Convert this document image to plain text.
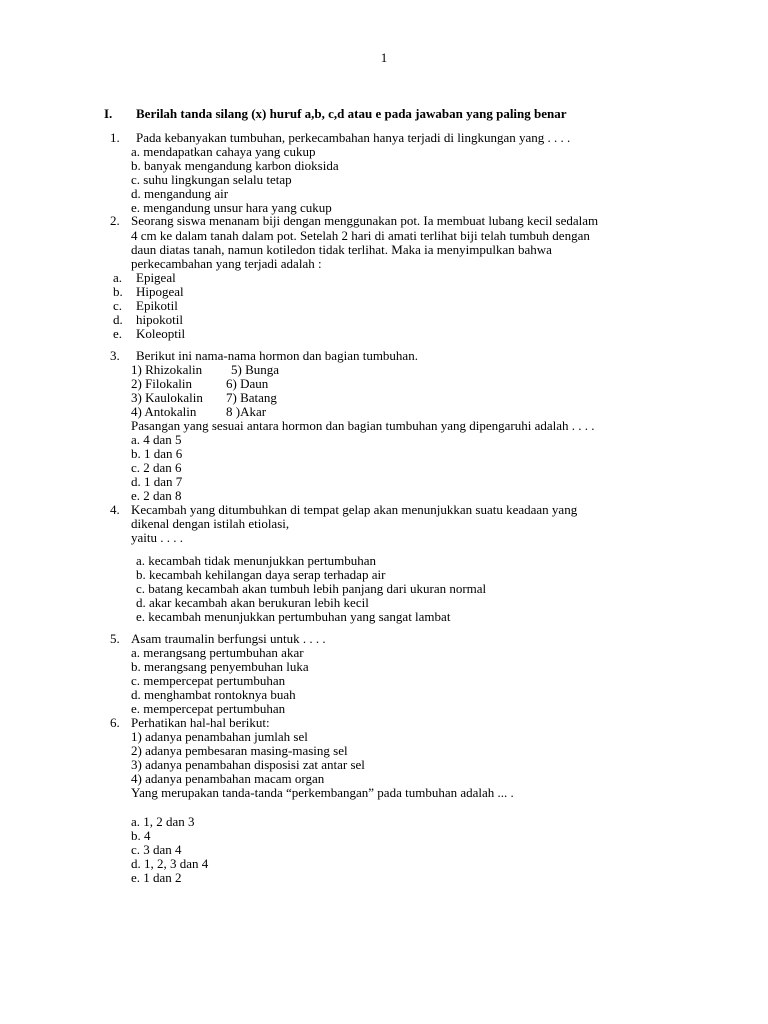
1
I. Berilah tanda silang (x) huruf a,b, c,d atau e pada jawaban yang paling benar
1. Pada kebanyakan tumbuhan, perkecambahan hanya terjadi di lingkungan yang . . . .
a. mendapatkan cahaya yang cukup
b. banyak mengandung karbon dioksida
c. suhu lingkungan selalu tetap
d. mengandung air
e. mengandung unsur hara yang cukup
2. Seorang siswa menanam biji dengan menggunakan pot. Ia membuat lubang kecil sedalam
4 cm ke dalam tanah dalam pot. Setelah 2 hari di amati terlihat biji telah tumbuh dengan
daun diatas tanah, namun kotiledon tidak terlihat. Maka ia menyimpulkan bahwa
perkecambahan yang terjadi adalah :
a. Epigeal
b. Hipogeal
c. Epikotil
d. hipokotil
e. Koleoptil
3. Berikut ini nama-nama hormon dan bagian tumbuhan.
1) Rhizokalin 5) Bunga
2) Filokalin	6) Daun
3) Kaulokalin 7) Batang
4) Antokalin 8 )Akar
Pasangan yang sesuai antara hormon dan bagian tumbuhan yang dipengaruhi adalah . . . .
a. 4 dan 5
b. 1 dan 6
c. 2 dan 6
d. 1 dan 7
e. 2 dan 8
4. Kecambah yang ditumbuhkan di tempat gelap akan menunjukkan suatu keadaan yang
dikenal dengan istilah etiolasi,
yaitu . . . .
a. kecambah tidak menunjukkan pertumbuhan
b. kecambah kehilangan daya serap terhadap air
c. batang kecambah akan tumbuh lebih panjang dari ukuran normal
d. akar kecambah akan berukuran lebih kecil
e. kecambah menunjukkan pertumbuhan yang sangat lambat
5. Asam traumalin berfungsi untuk . . . .
a. merangsang pertumbuhan akar
b. merangsang penyembuhan luka
c. mempercepat pertumbuhan
d. menghambat rontoknya buah
e. mempercepat pertumbuhan
6. Perhatikan hal-hal berikut:
1) adanya penambahan jumlah sel
2) adanya pembesaran masing-masing sel
3) adanya penambahan disposisi zat antar sel
4) adanya penambahan macam organ
Yang merupakan tanda-tanda “perkembangan” pada tumbuhan adalah ... .
a. 1, 2 dan 3
b. 4
c. 3 dan 4
d. 1, 2, 3 dan 4
e. 1 dan 2
